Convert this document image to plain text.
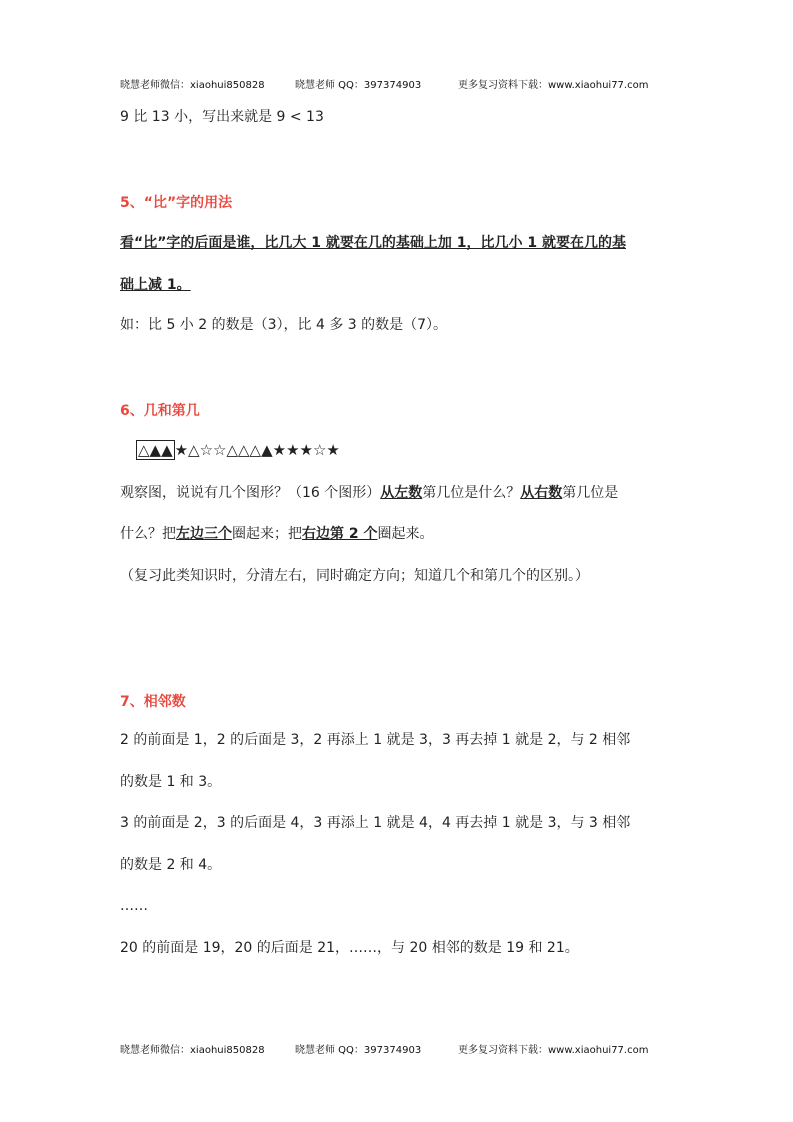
晓慧老师微信：xiaohui850828	晓慧老师 QQ：397374903	更多复习资料下载：www.xiaohui77.com
9 比 13 小，写出来就是 9 < 13
5、“比”字的用法
看“比”字的后面是谁，比几大 1 就要在几的基础上加 1，比几小 1 就要在几的基
础上减 1。
如：比 5 小 2 的数是（3），比 4 多 3 的数是（7）。
6、几和第几
△▲▲ ★△☆☆△△△▲★★★☆★
观察图，说说有几个图形？（16 个图形）从左数第几位是什么？从右数第几位是
什么？把左边三个圈起来；把右边第 2 个圈起来。
（复习此类知识时，分清左右，同时确定方向；知道几个和第几个的区别。）
7、相邻数
2 的前面是 1，2 的后面是 3，2 再添上 1 就是 3，3 再去掉 1 就是 2，与 2 相邻
的数是 1 和 3。
3 的前面是 2，3 的后面是 4，3 再添上 1 就是 4，4 再去掉 1 就是 3，与 3 相邻
的数是 2 和 4。
……
20 的前面是 19，20 的后面是 21，……，与 20 相邻的数是 19 和 21。
晓慧老师微信：xiaohui850828	晓慧老师 QQ：397374903	更多复习资料下载：www.xiaohui77.com
